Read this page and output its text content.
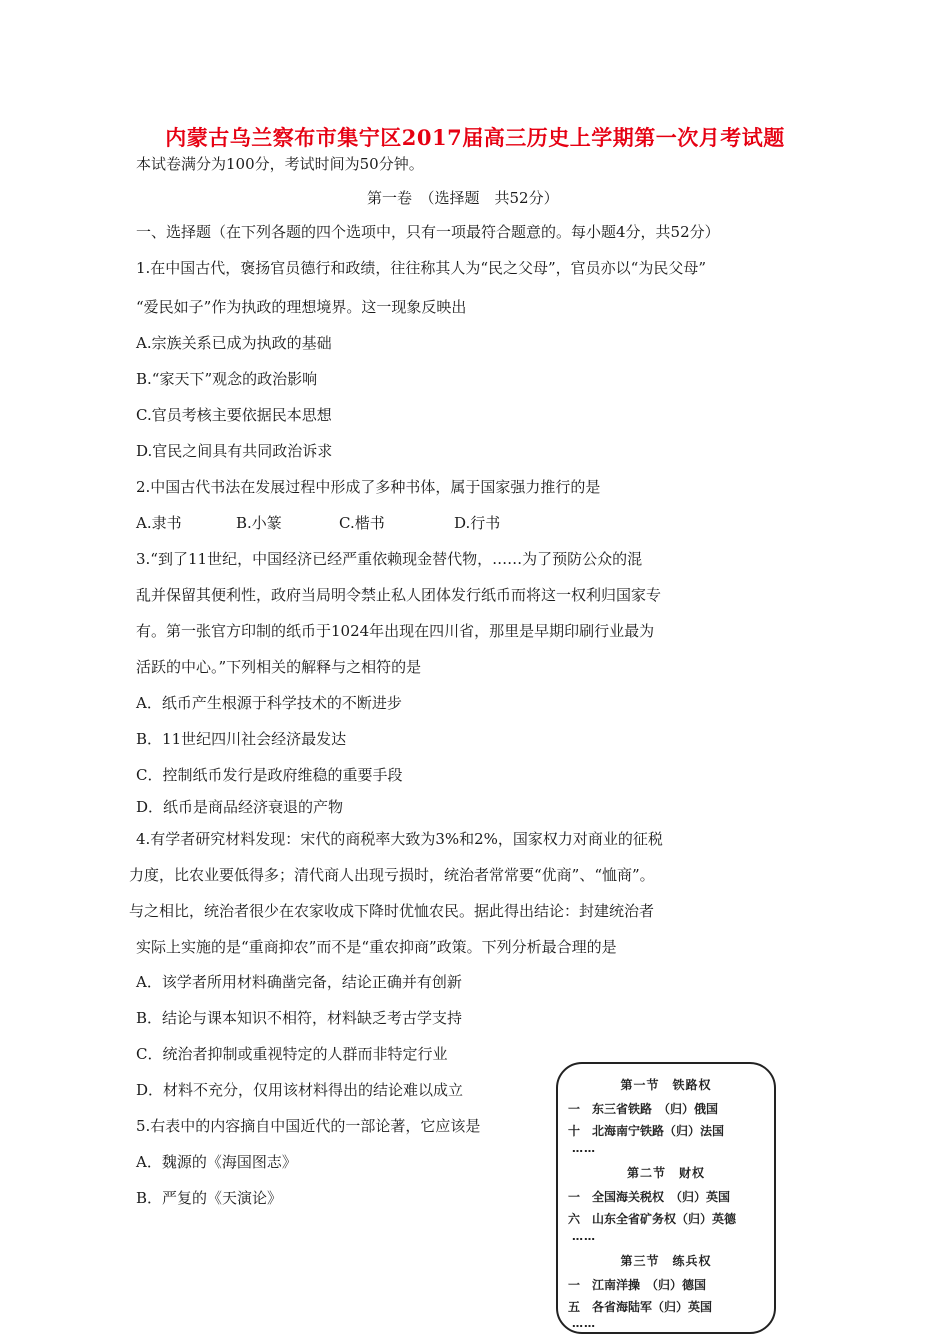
内蒙古乌兰察布市集宁区2017届高三历史上学期第一次月考试题
本试卷满分为100分，考试时间为50分钟。
第一卷　（选择题　共52分）
一、选择题（在下列各题的四个选项中，只有一项最符合题意的。每小题4分，共52分）
1.在中国古代，褒扬官员德行和政绩，往往称其人为“民之父母”，官员亦以“为民父母”
“爱民如子”作为执政的理想境界。这一现象反映出
A.宗族关系已成为执政的基础
B.“家天下”观念的政治影响
C.官员考核主要依据民本思想
D.官民之间具有共同政治诉求
2.中国古代书法在发展过程中形成了多种书体，属于国家强力推行的是
A.隶书	B.小篆	C.楷书	D.行书
3.“到了11世纪，中国经济已经严重依赖现金替代物，……为了预防公众的混
乱并保留其便利性，政府当局明令禁止私人团体发行纸币而将这一权利归国家专
有。第一张官方印制的纸币于1024年出现在四川省，那里是早期印刷行业最为
活跃的中心。”下列相关的解释与之相符的是
A．纸币产生根源于科学技术的不断进步
B．11世纪四川社会经济最发达
C．控制纸币发行是政府维稳的重要手段
D．纸币是商品经济衰退的产物
4.有学者研究材料发现：宋代的商税率大致为3%和2%，国家权力对商业的征税
力度，比农业要低得多；清代商人出现亏损时，统治者常常要“优商”、“恤商”。
与之相比，统治者很少在农家收成下降时优恤农民。据此得出结论：封建统治者
实际上实施的是“重商抑农”而不是“重农抑商”政策。下列分析最合理的是
A．该学者所用材料确凿完备，结论正确并有创新
B．结论与课本知识不相符，材料缺乏考古学支持
C．统治者抑制或重视特定的人群而非特定行业
D．材料不充分，仅用该材料得出的结论难以成立
5.右表中的内容摘自中国近代的一部论著，它应该是
A．魏源的《海国图志》
B．严复的《天演论》
第一节　铁路权
一　东三省铁路　（归）俄国
十　北海南宁铁路（归）法国
……
第二节　财权
一　全国海关税权　（归）英国
六　山东全省矿务权（归）英德
……
第三节　练兵权
一　江南洋操　（归）德国
五　各省海陆军（归）英国
……
